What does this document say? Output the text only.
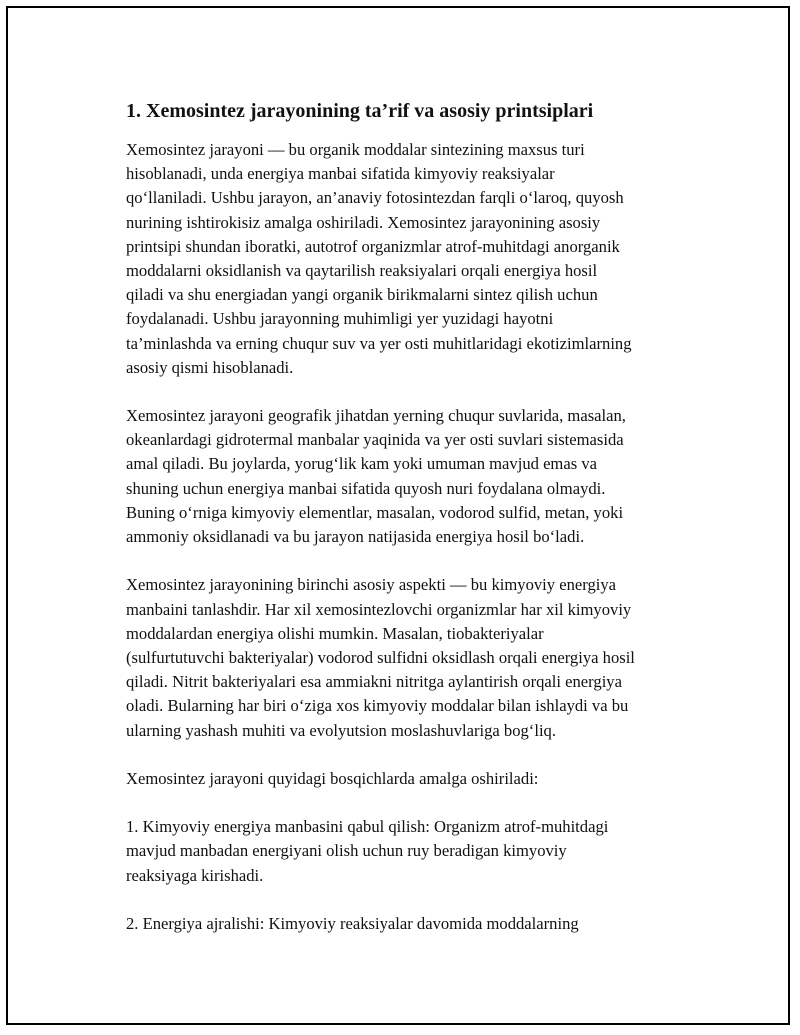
1. Xemosintez jarayonining ta’rif va asosiy printsiplari

Xemosintez jarayoni — bu organik moddalar sintezining maxsus turi
hisoblanadi, unda energiya manbai sifatida kimyoviy reaksiyalar
qo‘llaniladi. Ushbu jarayon, an’anaviy fotosintezdan farqli o‘laroq, quyosh
nurining ishtirokisiz amalga oshiriladi. Xemosintez jarayonining asosiy
printsipi shundan iboratki, autotrof organizmlar atrof-muhitdagi anorganik
moddalarni oksidlanish va qaytarilish reaksiyalari orqali energiya hosil
qiladi va shu energiadan yangi organik birikmalarni sintez qilish uchun
foydalanadi. Ushbu jarayonning muhimligi yer yuzidagi hayotni
ta’minlashda va erning chuqur suv va yer osti muhitlaridagi ekotizimlarning
asosiy qismi hisoblanadi.

Xemosintez jarayoni geografik jihatdan yerning chuqur suvlarida, masalan,
okeanlardagi gidrotermal manbalar yaqinida va yer osti suvlari sistemasida
amal qiladi. Bu joylarda, yorug‘lik kam yoki umuman mavjud emas va
shuning uchun energiya manbai sifatida quyosh nuri foydalana olmaydi.
Buning o‘rniga kimyoviy elementlar, masalan, vodorod sulfid, metan, yoki
ammoniy oksidlanadi va bu jarayon natijasida energiya hosil bo‘ladi.

Xemosintez jarayonining birinchi asosiy aspekti — bu kimyoviy energiya
manbaini tanlashdir. Har xil xemosintezlovchi organizmlar har xil kimyoviy
moddalardan energiya olishi mumkin. Masalan, tiobakteriyalar
(sulfurtutuvchi bakteriyalar) vodorod sulfidni oksidlash orqali energiya hosil
qiladi. Nitrit bakteriyalari esa ammiakni nitritga aylantirish orqali energiya
oladi. Bularning har biri o‘ziga xos kimyoviy moddalar bilan ishlaydi va bu
ularning yashash muhiti va evolyutsion moslashuvlariga bog‘liq.

Xemosintez jarayoni quyidagi bosqichlarda amalga oshiriladi:

1. Kimyoviy energiya manbasini qabul qilish: Organizm atrof-muhitdagi
mavjud manbadan energiyani olish uchun ruy beradigan kimyoviy
reaksiyaga kirishadi.

2. Energiya ajralishi: Kimyoviy reaksiyalar davomida moddalarning
